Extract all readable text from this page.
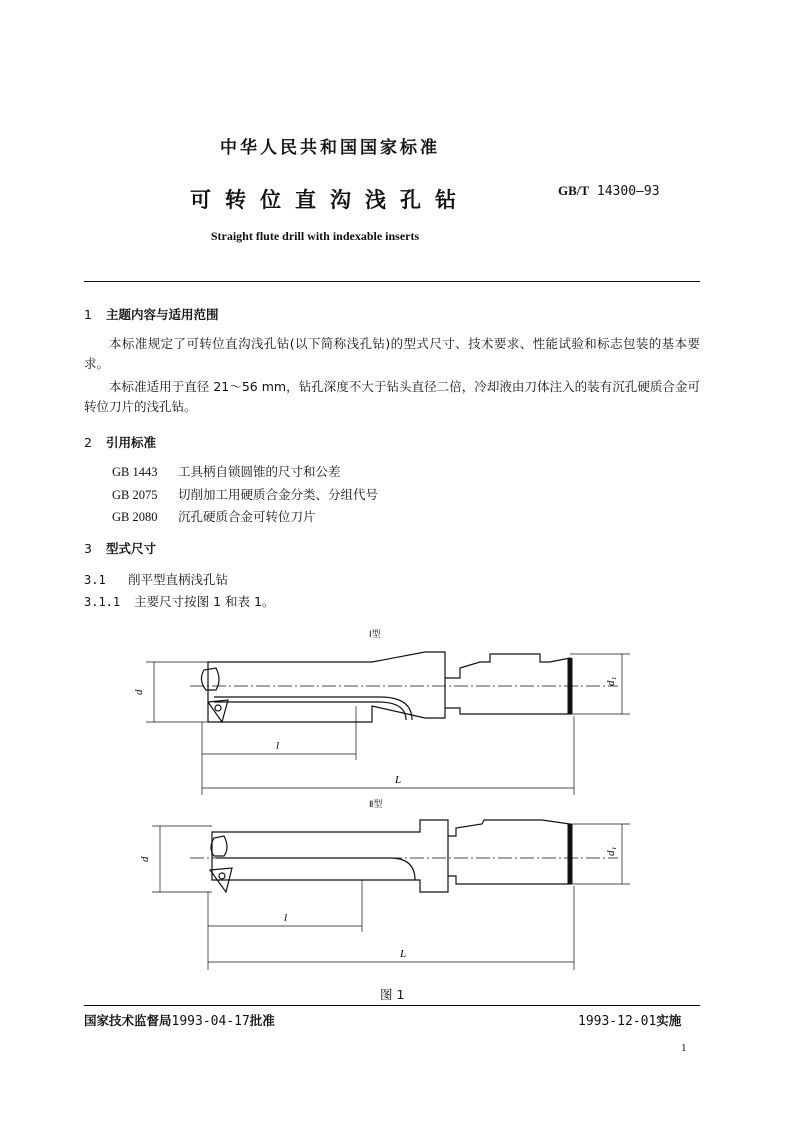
中华人民共和国国家标准
可转位直沟浅孔钻	GB/T 14300—93
Straight flute drill with indexable inserts
1 主题内容与适用范围
本标准规定了可转位直沟浅孔钻(以下简称浅孔钻)的型式尺寸、技术要求、性能试验和标志包装的基本要求。
本标准适用于直径 21～56 mm，钻孔深度不大于钻头直径二倍，冷却液由刀体注入的装有沉孔硬质合金可转位刀片的浅孔钻。
2 引用标准
GB 1443 工具柄自锁圆锥的尺寸和公差
GB 2075 切削加工用硬质合金分类、分组代号
GB 2080 沉孔硬质合金可转位刀片
3 型式尺寸
3.1 削平型直柄浅孔钻
3.1.1 主要尺寸按图 1 和表 1。
Ⅰ型
Ⅱ型
d
d₁
l
L
d
d₁
l
L
图 1
国家技术监督局1993-04-17批准	1993-12-01实施
1
